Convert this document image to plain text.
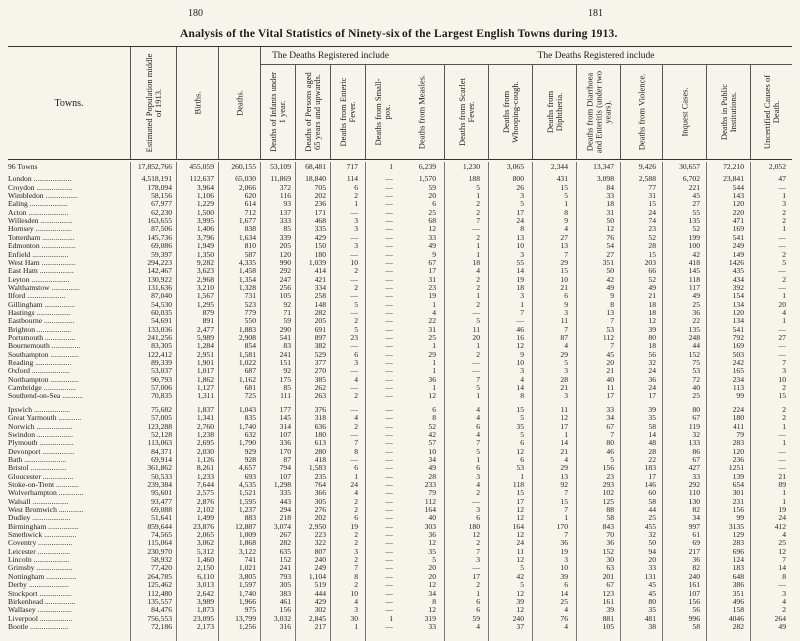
180
Analysis of the Vital Statistics of Ninety-six
Towns.	Estimated Population middle of 1913.	Births.	Deaths.
The Deaths Registered include
Deaths of Infants under 1 year. Deaths of Persons aged 65 years and upwards. Deaths from Enteric Fever. Deaths from Small-pox.
96 Towns	17,852,766	455,059	260,155	53,109	68,481	717	1
London ....................	4,518,191	112,637	65,030	11,869	18,840	114	—
Croydon ...................	178,094	3,964	2,066	372	705	6	—
Wimbledon .................	58,156	1,106	620	116	202	2	—
Ealing ....................	67,977	1,229	614	93	236	1	—
Acton .....................	62,230	1,500	712	137	171	—	—
Willesden .................	163,655	3,995	1,677	333	468	3	—
Hornsey ...................	87,506	1,406	838	85	335	3	—
Tottenham .................	145,736	3,796	1,634	339	429	—	—
Edmonton ..................	69,086	1,949	810	205	150	3	—
Enfield ...................	59,397	1,350	587	120	180	—	—
West Ham ..................	294,223	9,282	4,335	990	1,039	10	—
East Ham ..................	142,467	3,623	1,458	292	414	2	—
Leyton ....................	130,922	2,968	1,354	247	421	—	—
Walthamstow ...............	131,636	3,210	1,328	256	334	2	—
Ilford ....................	87,040	1,567	731	105	258	—	—
Gillingham ................	54,530	1,295	523	92	148	5	—
Hastings ..................	60,035	879	779	71	282	—	—
Eastbourne ................	54,691	891	550	59	205	2	—
Brighton ..................	133,036	2,477	1,883	290	691	5	—
Portsmouth ................	241,256	5,989	2,908	541	897	23	—
Bournemouth ...............	83,305	1,284	854	83	382	—	—
Southampton ...............	122,412	2,951	1,581	241	529	6	—
Reading ...................	89,339	1,901	1,022	151	377	3	—
Oxford ....................	53,037	1,017	687	92	270	—	—
Northampton ...............	90,793	1,862	1,162	175	385	4	—
Cambridge .................	57,006	1,127	681	85	262	—	—
Southend-on-Sea ...........	70,835	1,311	725	111	263	2	—
Ipswich ...................	75,682	1,837	1,043	177	376	—	—
Great Yarmouth ............	57,005	1,341	835	145	318	4	—
Norwich ...................	123,288	2,760	1,740	314	636	2	—
Swindon ...................	52,128	1,238	632	107	180	—	—
Plymouth ..................	113,063	2,695	1,790	336	613	7	—
Devonport .................	84,371	2,030	929	170	280	8	—
Bath ......................	69,914	1,126	928	87	418	—	—
Bristol ...................	361,862	8,261	4,657	794	1,583	6	—
Gloucester ................	50,533	1,233	693	107	235	1	—
Stoke-on-Trent ............	239,384	7,644	4,535	1,298	764	24	—
Wolverhampton .............	95,601	2,575	1,521	335	366	4	—
Walsall ...................	93,477	2,876	1,595	443	305	2	—
West Bromwich .............	69,088	2,102	1,237	294	276	2	—
Dudley ....................	51,641	1,499	883	218	202	6	—
Birmingham ................	859,644	23,876	12,887	3,074	2,950	19	—
Smethwick .................	74,565	2,065	1,009	267	223	2	—
Coventry ..................	115,064	3,062	1,868	282	322	2	—
Leicester .................	230,970	5,312	3,122	635	807	3	—
Lincoln ...................	58,932	1,460	741	152	240	2	—
Grimsby ...................	77,420	2,150	1,021	241	249	7	—
Nottingham ................	264,785	6,110	3,805	793	1,104	8	—
Derby .....................	125,462	3,013	1,597	305	519	2	—
Stockport .................	112,480	2,642	1,740	383	444	10	—
Birkenhead ................	135,557	3,989	1,966	461	429	4	—
Wallasey ..................	84,476	1,873	975	156	302	3	—
Liverpool .................	756,553	23,095	13,799	3,032	2,845	30	1
Bootle ....................	72,186	2,173	1,256	316	217	1	—
181
of the Largest English Towns during 1913.
The Deaths Registered include
Deaths from Measles.	Deaths from Scarlet Fever.	Deaths from Whooping-cough.	Deaths from Diphtheria. Deaths from Diarrhoea and Enteritis (under two years).	Deaths from Violence.	Inquest Cases.	Deaths in Public Institutions.	Uncertified Causes of Death.
6,239	1,230	3,065	2,344	13,347	9,426	30,657	72,210	2,052
1,570	188	800	431	3,098	2,588	6,702	23,841	47
59	5	26	15	84	77	221	544	—
20	1	3	5	33	31	45	143	1
6	2	5	1	18	15	27	120	3
25	2	17	8	31	24	55	220	2
68	7	24	9	50	74	135	471	2
12	—	8	4	12	23	52	169	1
33	2	13	27	76	52	199	541	—
49	1	10	13	54	28	100	249	—
9	1	3	7	27	15	42	149	2
67	18	55	29	351	203	418	1426	5
17	4	14	15	50	66	145	435	—
31	2	19	10	42	52	118	434	2
23	2	18	21	49	49	117	392	—
19	1	3	6	9	21	49	154	1
1	2	1	9	8	18	25	134	20
4	—	7	3	13	18	36	120	4
22	5	—	11	7	12	22	134	1
31	11	46	7	53	39	135	541	—
25	20	16	87	112	80	248	792	27
1	1	12	4	7	18	44	169	—
29	2	9	29	45	56	152	503	—
1	—	10	5	20	32	75	242	7
1	—	3	3	21	24	53	165	3
36	7	4	28	40	36	72	234	10
1	5	14	21	11	24	40	113	2
12	1	8	3	17	17	25	99	15
6	4	15	11	33	39	80	224	2
8	4	5	12	34	35	67	180	2
52	6	35	17	67	58	119	411	1
42	4	5	1	7	14	32	79	—
57	7	6	14	80	48	133	283	1
10	5	12	21	46	28	86	120	—
34	1	6	4	5	22	67	236	—
49	6	53	29	156	183	427	1251	—
28	3	1	13	23	17	33	139	21
233	4	118	92	293	146	292	654	89
79	2	15	7	102	60	110	301	1
112	—	17	15	125	58	130	231	1
164	3	12	7	88	44	82	156	19
40	6	12	1	58	25	34	99	24
303	180	164	170	843	455	997	3135	412
36	12	12	7	70	32	61	129	4
12	2	24	36	36	50	69	283	25
35	7	11	19	152	94	217	696	12
5	3	12	3	30	20	36	124	7
20	—	5	10	63	33	82	183	14
20	17	42	39	201	131	240	648	8
12	2	5	6	67	45	161	386	—
34	1	12	14	123	45	107	351	3
8	6	39	25	161	80	156	496	4
12	6	12	4	39	35	56	158	2
319	59	240	76	881	481	996	4046	264
33	4	37	4	105	38	58	282	49
